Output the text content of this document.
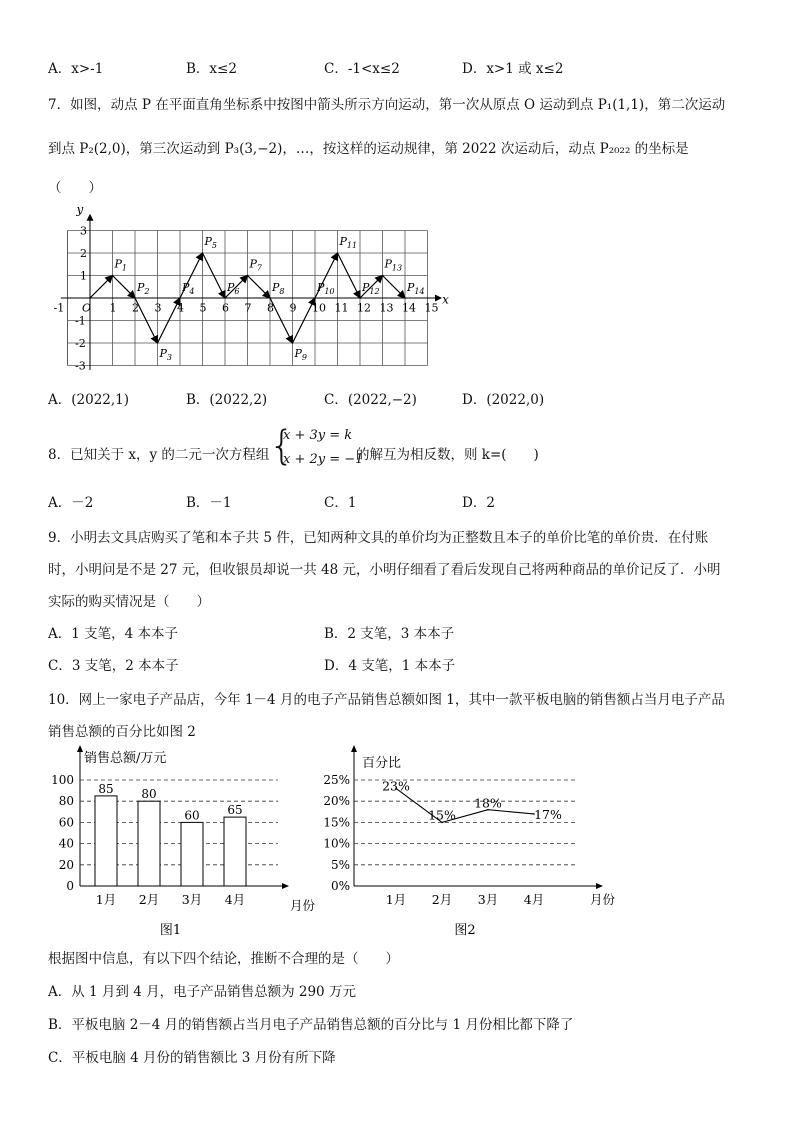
A．x>-1	B．x≤2	C．-1<x≤2	D．x>1 或 x≤2
7．如图，动点 P 在平面直角坐标系中按图中箭头所示方向运动，第一次从原点 O 运动到点 P₁(1,1)，第二次运动
到点 P₂(2,0)，第三次运动到 P₃(3,−2)，…，按这样的运动规律，第 2022 次运动后，动点 P₂₀₂₂ 的坐标是
（　　）
x
y
-1 O 1 2 3 4 5 6 7 8 9 10 11 12 13 14 15
3
2
1
-1
-2
-3
$P_1$
$P_2$
$P_3$
$P_4$
$P_5$
$P_6$
$P_7$
$P_8$
$P_9$
$P_{10}$
$P_{11}$
$P_{12}$
$P_{13}$
$P_{14}$
A．(2022,1)	B．(2022,2)	C．(2022,−2)	D．(2022,0)
8．已知关于 x，y 的二元一次方程组 {
x + 3y = k
x + 2y = −1
的解互为相反数，则 k=(　　)
A．－2	B．－1	C．1	D．2
9．小明去文具店购买了笔和本子共 5 件，已知两种文具的单价均为正整数且本子的单价比笔的单价贵．在付账
时，小明问是不是 27 元，但收银员却说一共 48 元，小明仔细看了看后发现自己将两种商品的单价记反了．小明
实际的购买情况是（　　）
A．1 支笔，4 本本子	B．2 支笔，3 本本子
C．3 支笔，2 本本子	D．4 支笔，1 本本子
10．网上一家电子产品店，今年 1－4 月的电子产品销售总额如图 1，其中一款平板电脑的销售额占当月电子产品
销售总额的百分比如图 2
销售总额/万元
0
20
40
60
80
100
85
1月
80
2月
60
3月
65
4月	月份
图1
百分比
0%
5%
10%
15%
20%
25%	23%
1月
15%
2月
18%
3月
17%
4月	月份
图2
根据图中信息，有以下四个结论，推断不合理的是（　　）
A．从 1 月到 4 月，电子产品销售总额为 290 万元
B．平板电脑 2－4 月的销售额占当月电子产品销售总额的百分比与 1 月份相比都下降了
C．平板电脑 4 月份的销售额比 3 月份有所下降
